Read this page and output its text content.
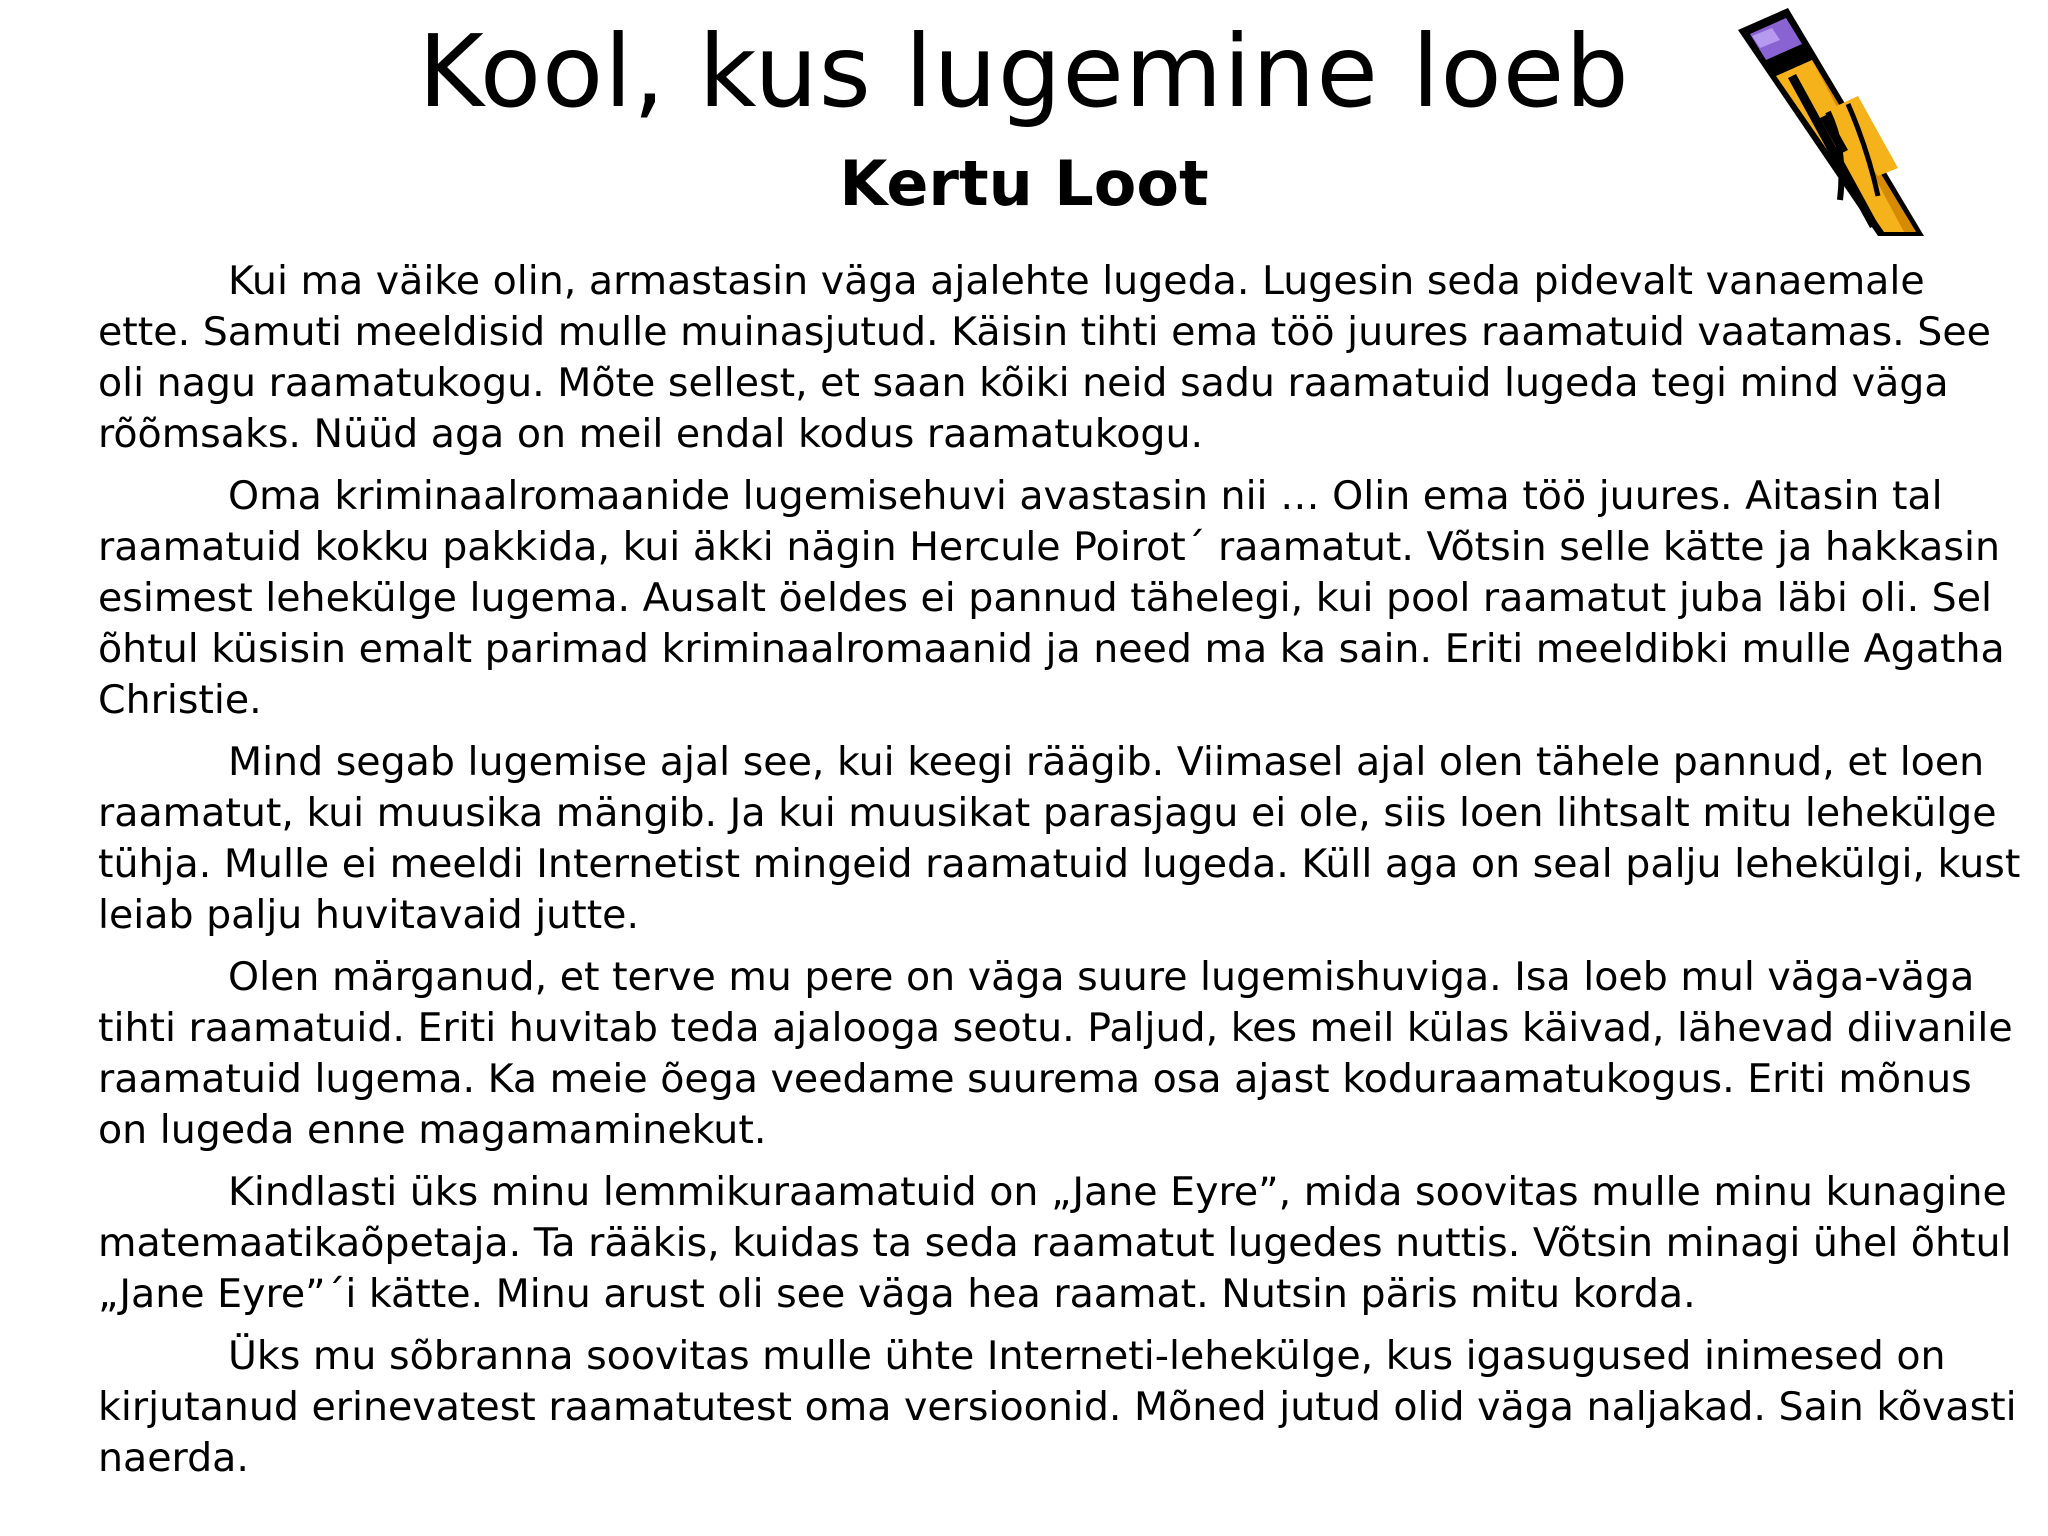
Kool, kus lugemine loeb
Kertu Loot

Kui ma väike olin, armastasin väga ajalehte lugeda. Lugesin seda pidevalt vanaemale ette. Samuti meeldisid mulle muinasjutud. Käisin tihti ema töö juures raamatuid vaatamas. See oli nagu raamatukogu. Mõte sellest, et saan kõiki neid sadu raamatuid lugeda tegi mind väga rõõmsaks. Nüüd aga on meil endal kodus raamatukogu.

Oma kriminaalromaanide lugemisehuvi avastasin nii … Olin ema töö juures. Aitasin tal raamatuid kokku pakkida, kui äkki nägin Hercule Poirot´ raamatut. Võtsin selle kätte ja hakkasin esimest lehekülge lugema. Ausalt öeldes ei pannud tähelegi, kui pool raamatut juba läbi oli. Sel õhtul küsisin emalt parimad kriminaalromaanid ja need ma ka sain. Eriti meeldibki mulle Agatha Christie.

Mind segab lugemise ajal see, kui keegi räägib. Viimasel ajal olen tähele pannud, et loen raamatut, kui muusika mängib. Ja kui muusikat parasjagu ei ole, siis loen lihtsalt mitu lehekülge tühja. Mulle ei meeldi Internetist mingeid raamatuid lugeda. Küll aga on seal palju lehekülgi, kust leiab palju huvitavaid jutte.

Olen märganud, et terve mu pere on väga suure lugemishuviga. Isa loeb mul väga-väga tihti raamatuid. Eriti huvitab teda ajalooga seotu. Paljud, kes meil külas käivad, lähevad diivanile raamatuid lugema. Ka meie õega veedame suurema osa ajast koduraamatukogus. Eriti mõnus on lugeda enne magamaminekut.

Kindlasti üks minu lemmikuraamatuid on „Jane Eyre”, mida soovitas mulle minu kunagine matemaatikaõpetaja. Ta rääkis, kuidas ta seda raamatut lugedes nuttis. Võtsin minagi ühel õhtul „Jane Eyre”´i kätte. Minu arust oli see väga hea raamat. Nutsin päris mitu korda.

Üks mu sõbranna soovitas mulle ühte Interneti-lehekülge, kus igasugused inimesed on kirjutanud erinevatest raamatutest oma versioonid. Mõned jutud olid väga naljakad. Sain kõvasti naerda.
